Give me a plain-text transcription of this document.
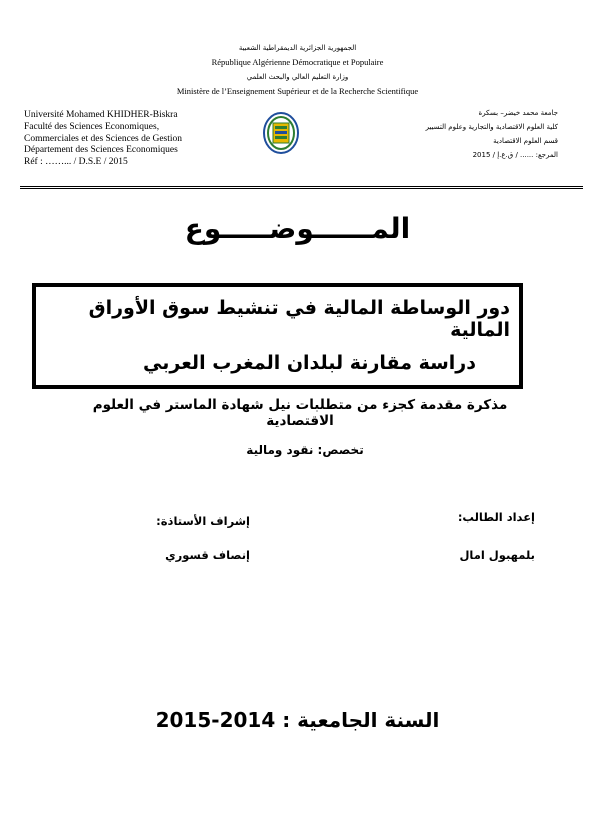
الجمهورية الجزائرية الديمقراطية الشعبية
République Algérienne Démocratique et Populaire
وزارة التعليم العالي والبحث العلمي
Ministère de l’Enseignement Supérieur et de la Recherche Scientifique
Université Mohamed KHIDHER-Biskra
Faculté des Sciences Economiques,
Commerciales et des Sciences de Gestion
Département des Sciences Economiques
Réf : ……... / D.S.E / 2015
جامعة محمد خيضر– بسكرة
كلية العلوم الاقتصادية والتجارية وعلوم التسيير
قسم العلوم الاقتصادية
المرجع: ...... / ق.ع.إ / 2015
المــــــوضـــــوع
دور الوساطة المالية في تنشيط سوق الأوراق المالية
دراسة مقارنة لبلدان المغرب العربي
مذكرة مقدمة كجزء من متطلبات نيل شهادة الماستر في العلوم الاقتصادية
تخصص: نقود ومالية
إعداد الطالب:
إشراف الأستاذة:
بلمهبول امال
إنصاف قسوري
السنة الجامعية : 2014-2015
